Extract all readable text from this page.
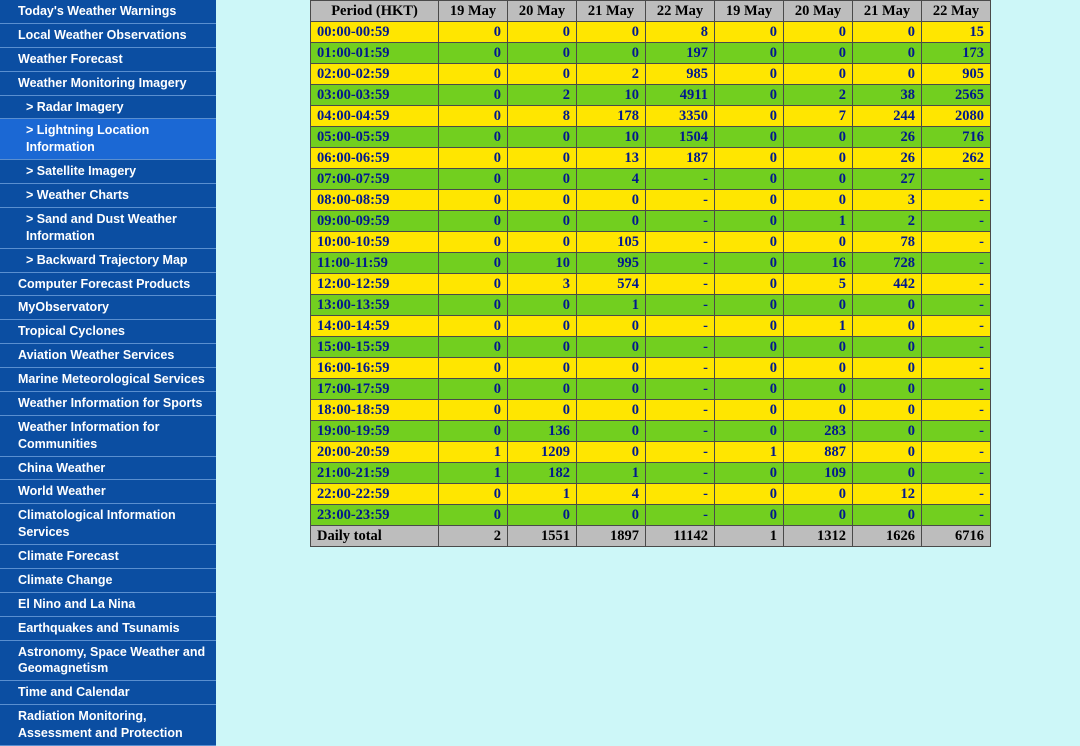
Today's Weather Warnings
Local Weather Observations
Weather Forecast
Weather Monitoring Imagery
> Radar Imagery
> Lightning Location Information
> Satellite Imagery
> Weather Charts
> Sand and Dust Weather Information
> Backward Trajectory Map
Computer Forecast Products
MyObservatory
Tropical Cyclones
Aviation Weather Services
Marine Meteorological Services
Weather Information for Sports
Weather Information for Communities
China Weather
World Weather
Climatological Information Services
Climate Forecast
Climate Change
El Nino and La Nina
Earthquakes and Tsunamis
Astronomy, Space Weather and Geomagnetism
Time and Calendar
Radiation Monitoring, Assessment and Protection
Period (HKT)	19 May	20 May	21 May	22 May	19 May	20 May	21 May	22 May
00:00-00:59	0	0	0	8	0	0	0	15
01:00-01:59	0	0	0	197	0	0	0	173
02:00-02:59	0	0	2	985	0	0	0	905
03:00-03:59	0	2	10	4911	0	2	38	2565
04:00-04:59	0	8	178	3350	0	7	244	2080
05:00-05:59	0	0	10	1504	0	0	26	716
06:00-06:59	0	0	13	187	0	0	26	262
07:00-07:59	0	0	4	-	0	0	27	-
08:00-08:59	0	0	0	-	0	0	3	-
09:00-09:59	0	0	0	-	0	1	2	-
10:00-10:59	0	0	105	-	0	0	78	-
11:00-11:59	0	10	995	-	0	16	728	-
12:00-12:59	0	3	574	-	0	5	442	-
13:00-13:59	0	0	1	-	0	0	0	-
14:00-14:59	0	0	0	-	0	1	0	-
15:00-15:59	0	0	0	-	0	0	0	-
16:00-16:59	0	0	0	-	0	0	0	-
17:00-17:59	0	0	0	-	0	0	0	-
18:00-18:59	0	0	0	-	0	0	0	-
19:00-19:59	0	136	0	-	0	283	0	-
20:00-20:59	1	1209	0	-	1	887	0	-
21:00-21:59	1	182	1	-	0	109	0	-
22:00-22:59	0	1	4	-	0	0	12	-
23:00-23:59	0	0	0	-	0	0	0	-
Daily total	2	1551	1897	11142	1	1312	1626	6716
